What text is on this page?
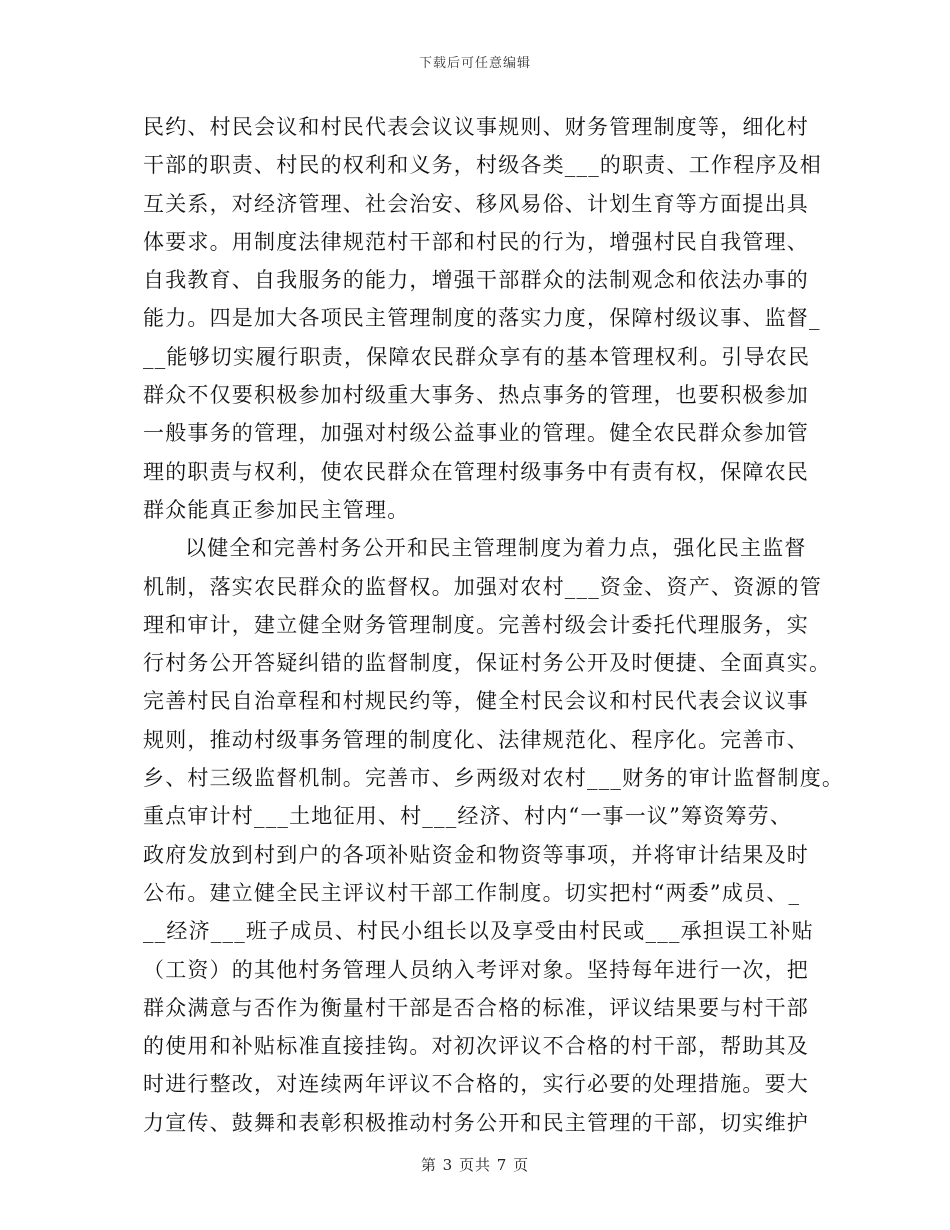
下载后可任意编辑
民约、村民会议和村民代表会议议事规则、财务管理制度等，细化村
干部的职责、村民的权利和义务，村级各类___的职责、工作程序及相
互关系，对经济管理、社会治安、移风易俗、计划生育等方面提出具
体要求。用制度法律规范村干部和村民的行为，增强村民自我管理、
自我教育、自我服务的能力，增强干部群众的法制观念和依法办事的
能力。四是加大各项民主管理制度的落实力度，保障村级议事、监督_
__能够切实履行职责，保障农民群众享有的基本管理权利。引导农民
群众不仅要积极参加村级重大事务、热点事务的管理，也要积极参加
一般事务的管理，加强对村级公益事业的管理。健全农民群众参加管
理的职责与权利，使农民群众在管理村级事务中有责有权，保障农民
群众能真正参加民主管理。
以健全和完善村务公开和民主管理制度为着力点，强化民主监督
机制，落实农民群众的监督权。加强对农村___资金、资产、资源的管
理和审计，建立健全财务管理制度。完善村级会计委托代理服务，实
行村务公开答疑纠错的监督制度，保证村务公开及时便捷、全面真实。
完善村民自治章程和村规民约等，健全村民会议和村民代表会议议事
规则，推动村级事务管理的制度化、法律规范化、程序化。完善市、
乡、村三级监督机制。完善市、乡两级对农村___财务的审计监督制度。
重点审计村___土地征用、村___经济、村内“一事一议”筹资筹劳、
政府发放到村到户的各项补贴资金和物资等事项，并将审计结果及时
公布。建立健全民主评议村干部工作制度。切实把村“两委”成员、_
__经济___班子成员、村民小组长以及享受由村民或___承担误工补贴
（工资）的其他村务管理人员纳入考评对象。坚持每年进行一次，把
群众满意与否作为衡量村干部是否合格的标准，评议结果要与村干部
的使用和补贴标准直接挂钩。对初次评议不合格的村干部，帮助其及
时进行整改，对连续两年评议不合格的，实行必要的处理措施。要大
力宣传、鼓舞和表彰积极推动村务公开和民主管理的干部，切实维护
第 3 页共 7 页
